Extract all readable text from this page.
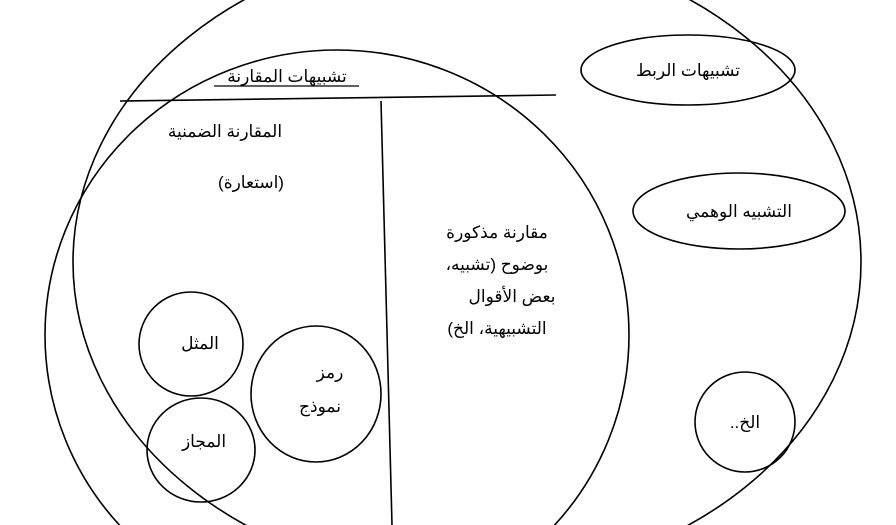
تشبيهات المقارنة	تشبيهات الربط
التشبيه الوهمي
الخ..
المقارنة الضمنية
(استعارة)
المثل
المجاز
رمز
نموذج
مقارنة مذكورة
بوضوح (تشبيه،
بعض الأقوال
التشبيهية، الخ)
